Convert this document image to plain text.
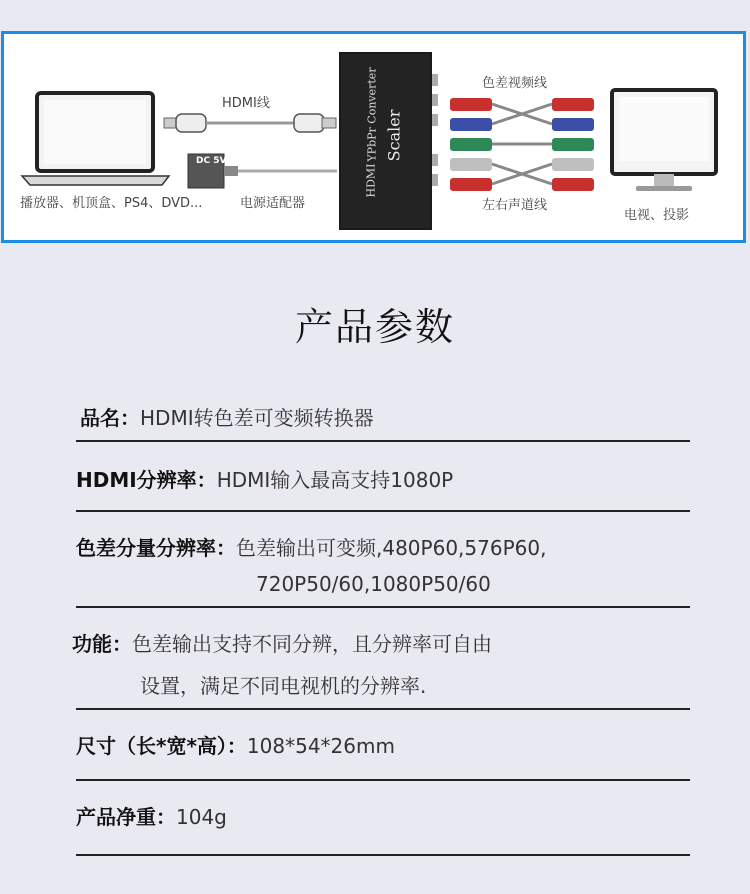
播放器、机顶盒、PS4、DVD...
HDMI线
DC 5V
电源适配器
YPbPr Converter
HDMI
Scaler
色差视频线
左右声道线
电视、投影
产品参数
品名：HDMI转色差可变频转换器
HDMI分辨率：HDMI输入最高支持1080P
色差分量分辨率：色差输出可变频,480P60,576P60,
720P50/60,1080P50/60
功能：色差输出支持不同分辨，且分辨率可自由
设置，满足不同电视机的分辨率.
尺寸（长*宽*高）：108*54*26mm
产品净重：104g
